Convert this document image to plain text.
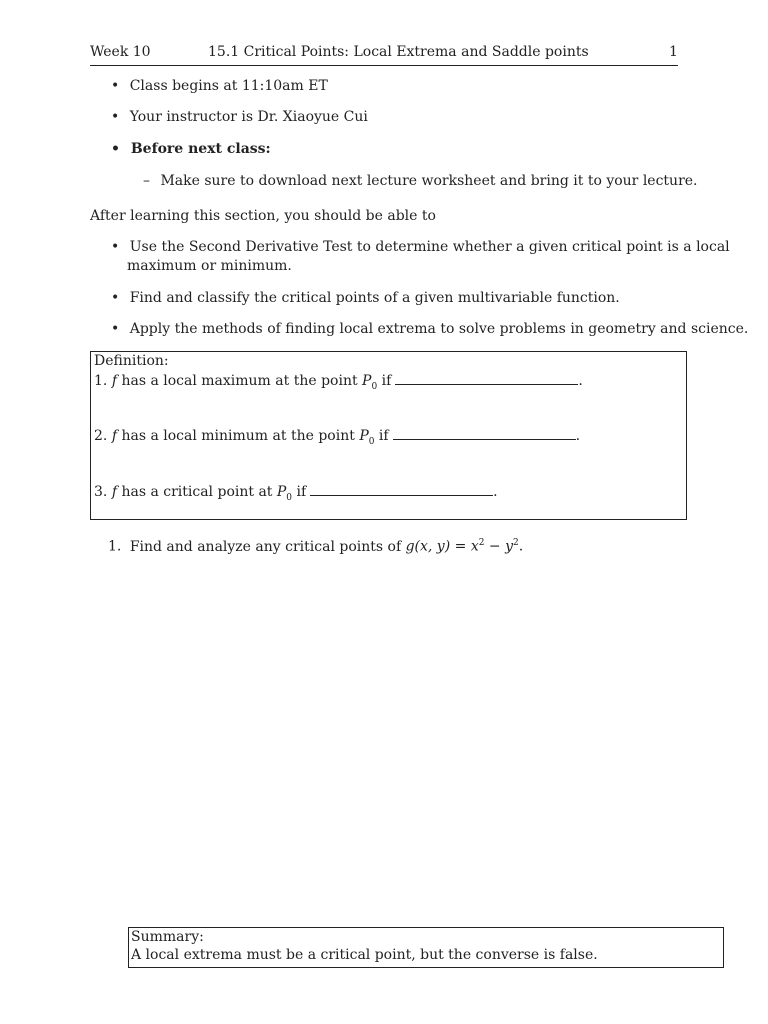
Week 10	15.1 Critical Points: Local Extrema and Saddle points	1
• Class begins at 11:10am ET
• Your instructor is Dr. Xiaoyue Cui
• Before next class:
– Make sure to download next lecture worksheet and bring it to your lecture.
After learning this section, you should be able to
• Use the Second Derivative Test to determine whether a given critical point is a local
maximum or minimum.
• Find and classify the critical points of a given multivariable function.
• Apply the methods of finding local extrema to solve problems in geometry and science.
Definition:
1. f has a local maximum at the point $P_0$ if	.
2. f has a local minimum at the point $P_0$ if	.
3. f has a critical point at $P_0$ if	.
1. Find and analyze any critical points of g(x, $y) = x^2 - y^2$.
Summary:
A local extrema must be a critical point, but the converse is false.
